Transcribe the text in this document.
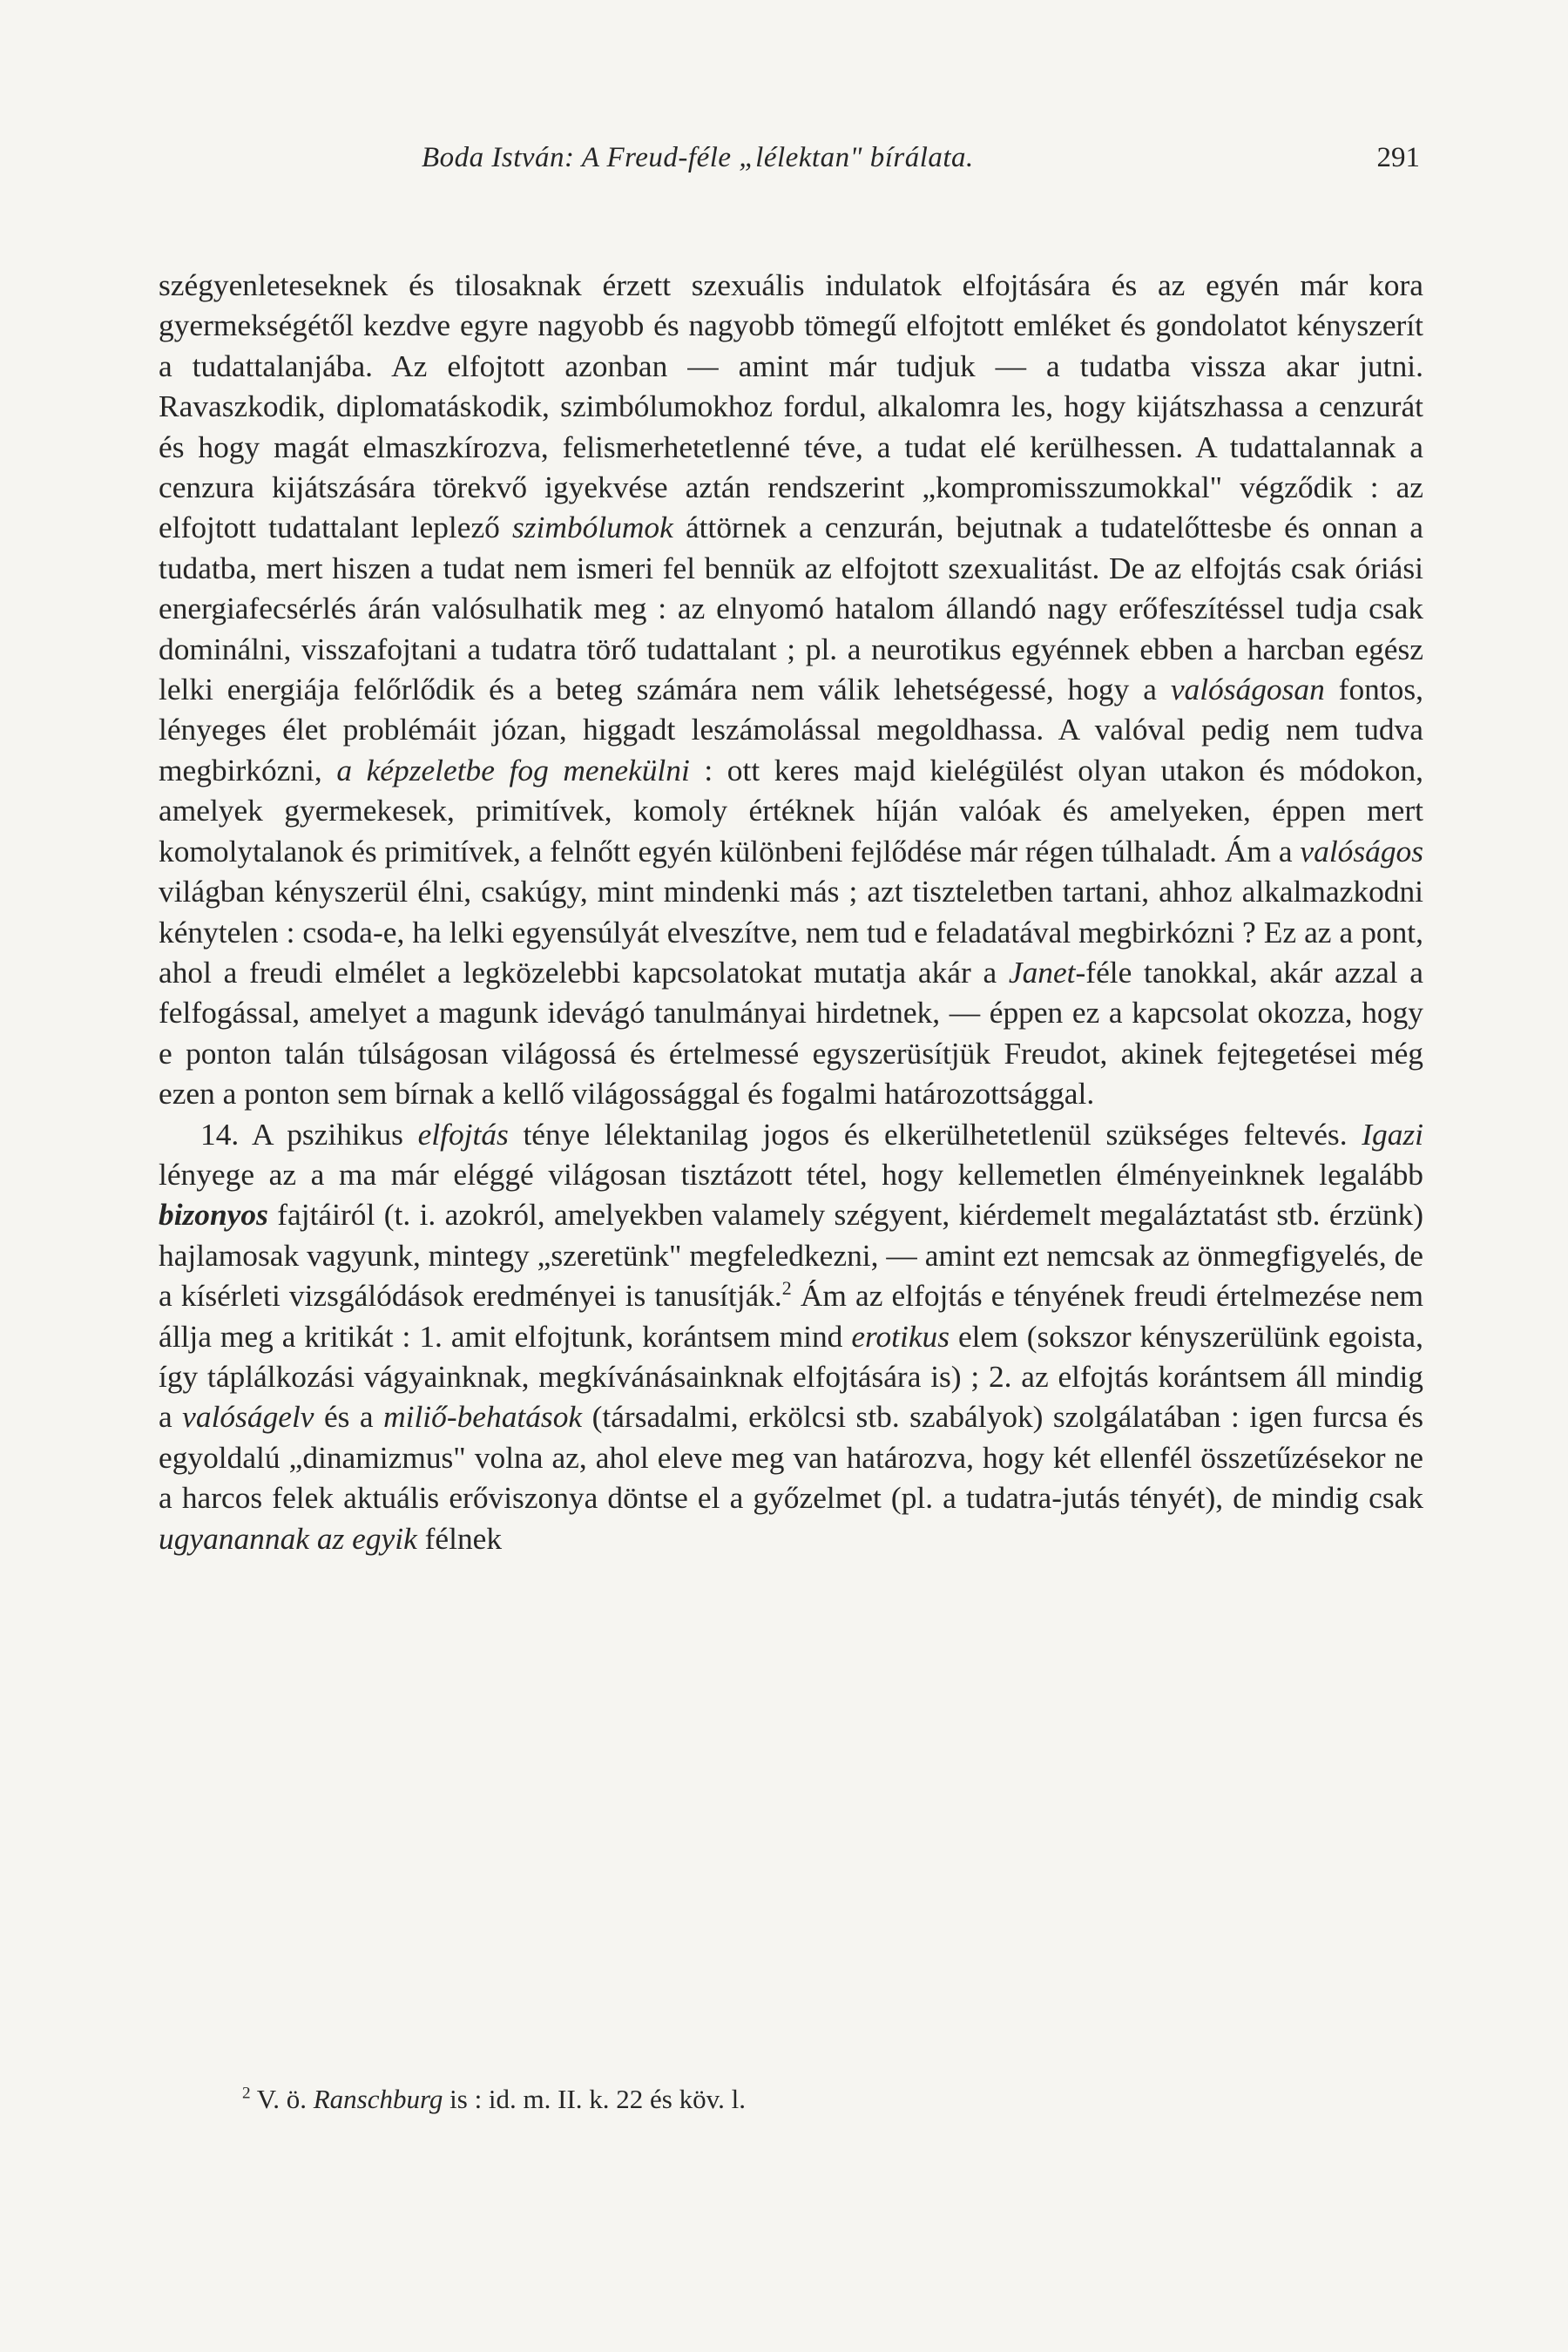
Boda István: A Freud-féle „lélektan" bírálata.	291

szégyenleteseknek és tilosaknak érzett szexuális indulatok elfojtására és az egyén már kora gyermekségétől kezdve egyre nagyobb és nagyobb tömegű elfojtott emléket és gondolatot kényszerít a tudattalanjába. Az elfojtott azonban — amint már tudjuk — a tudatba vissza akar jutni. Ravaszkodik, diplomatáskodik, szimbólumokhoz fordul, alkalomra les, hogy kijátszhassa a cenzurát és hogy magát elmaszkírozva, felismerhetetlenné téve, a tudat elé kerülhessen. A tudattalannak a cenzura kijátszására törekvő igyekvése aztán rendszerint „kompromisszumokkal" végződik : az elfojtott tudattalant leplező szimbólumok áttörnek a cenzurán, bejutnak a tudatelőttesbe és onnan a tudatba, mert hiszen a tudat nem ismeri fel bennük az elfojtott szexualitást. De az elfojtás csak óriási energiafecsérlés árán valósulhatik meg : az elnyomó hatalom állandó nagy erőfeszítéssel tudja csak dominálni, visszafojtani a tudatra törő tudattalant ; pl. a neurotikus egyénnek ebben a harcban egész lelki energiája felőrlődik és a beteg számára nem válik lehetségessé, hogy a valóságosan fontos, lényeges élet problémáit józan, higgadt leszámolással megoldhassa. A valóval pedig nem tudva megbirkózni, a képzeletbe fog menekülni : ott keres majd kielégülést olyan utakon és módokon, amelyek gyermekesek, primitívek, komoly értéknek híján valóak és amelyeken, éppen mert komolytalanok és primitívek, a felnőtt egyén különbeni fejlődése már régen túlhaladt. Ám a valóságos világban kényszerül élni, csakúgy, mint mindenki más ; azt tiszteletben tartani, ahhoz alkalmazkodni kénytelen : csoda-e, ha lelki egyensúlyát elveszítve, nem tud e feladatával megbirkózni ? Ez az a pont, ahol a freudi elmélet a legközelebbi kapcsolatokat mutatja akár a Janet-féle tanokkal, akár azzal a felfogással, amelyet a magunk idevágó tanulmányai hirdetnek, — éppen ez a kapcsolat okozza, hogy e ponton talán túlságosan világossá és értelmessé egyszerüsítjük Freudot, akinek fejtegetései még ezen a ponton sem bírnak a kellő világossággal és fogalmi határozottsággal.

14. A pszihikus elfojtás ténye lélektanilag jogos és elkerülhetetlenül szükséges feltevés. Igazi lényege az a ma már eléggé világosan tisztázott tétel, hogy kellemetlen élményeinknek legalább bizonyos fajtáiról (t. i. azokról, amelyekben valamely szégyent, kiérdemelt megaláztatást stb. érzünk) hajlamosak vagyunk, mintegy „szeretünk" megfeledkezni, — amint ezt nemcsak az önmegfigyelés, de a kísérleti vizsgálódások eredményei is tanusítják.$^2$ Ám az elfojtás e tényének freudi értelmezése nem állja meg a kritikát : 1. amit elfojtunk, korántsem mind erotikus elem (sokszor kényszerülünk egoista, így táplálkozási vágyainknak, megkívánásainknak elfojtására is) ; 2. az elfojtás korántsem áll mindig a valóságelv és a miliő-behatások (társadalmi, erkölcsi stb. szabályok) szolgálatában : igen furcsa és egyoldalú „dinamizmus" volna az, ahol eleve meg van határozva, hogy két ellenfél összetűzésekor ne a harcos felek aktuális erőviszonya döntse el a győzelmet (pl. a tudatra-jutás tényét), de mindig csak ugyanannak az egyik félnek

$^2$ V. ö. Ranschburg is : id. m. II. k. 22 és köv. l.
